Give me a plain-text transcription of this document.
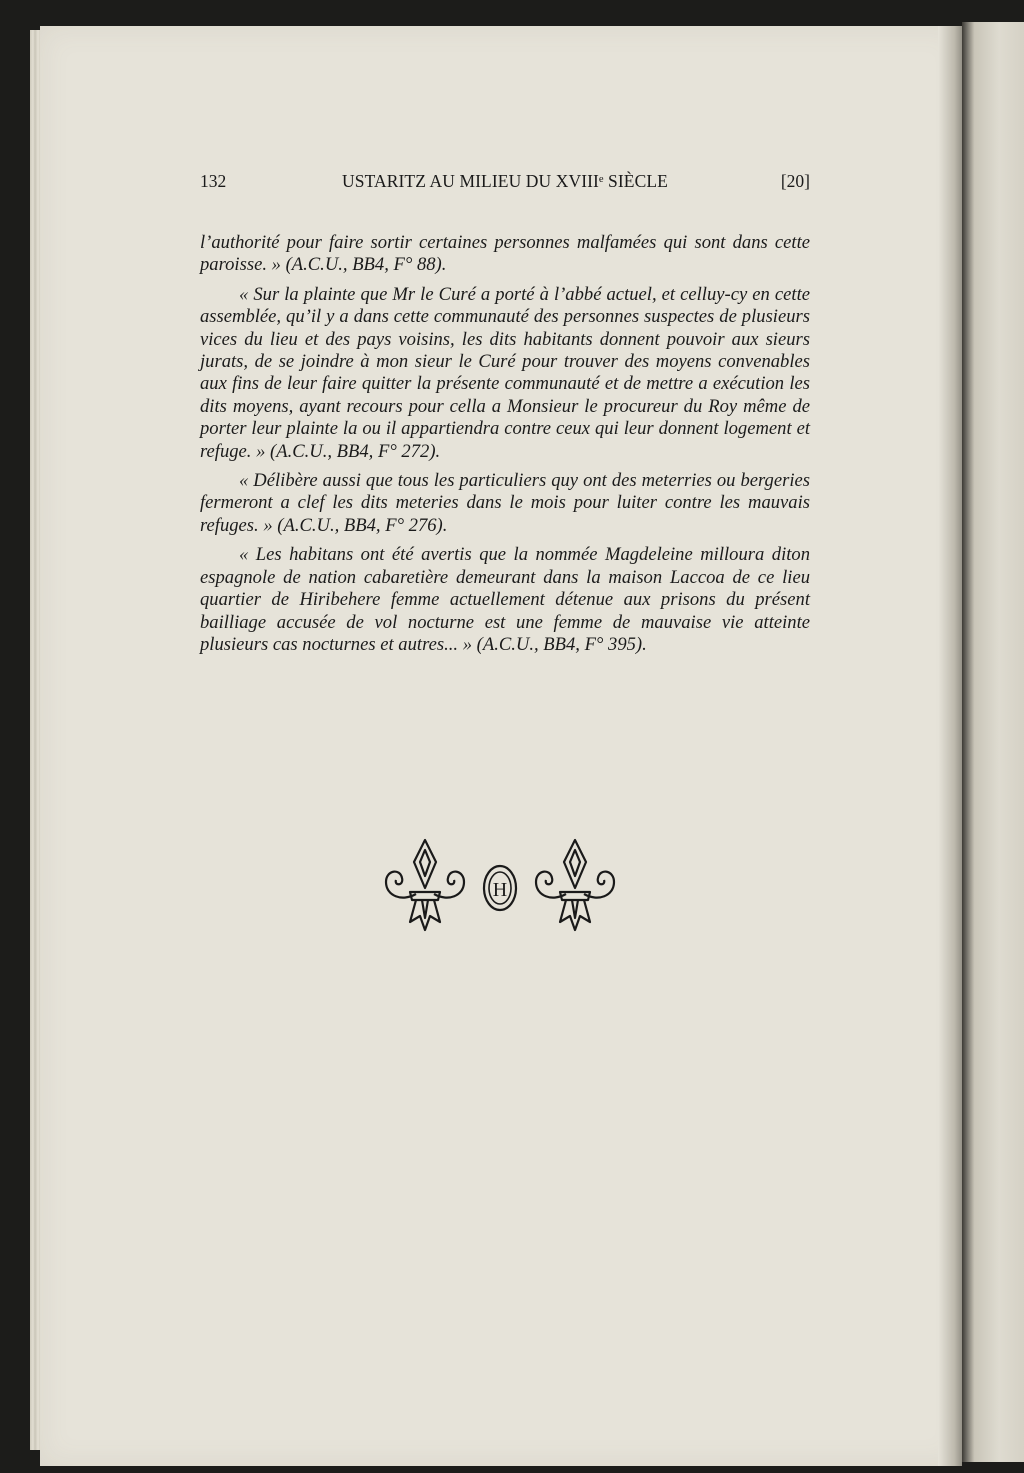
132	USTARITZ AU MILIEU DU XVIIIᵉ SIÈCLE	[20]

l’authorité pour faire sortir certaines personnes malfamées qui sont dans cette paroisse. » (A.C.U., BB4, F° 88).

« Sur la plainte que Mr le Curé a porté à l’abbé actuel, et celluy-cy en cette assemblée, qu’il y a dans cette communauté des personnes suspectes de plusieurs vices du lieu et des pays voisins, les dits habitants donnent pouvoir aux sieurs jurats, de se joindre à mon sieur le Curé pour trouver des moyens convenables aux fins de leur faire quitter la présente communauté et de mettre a exécution les dits moyens, ayant recours pour cella a Monsieur le procureur du Roy même de porter leur plainte la ou il appartiendra contre ceux qui leur donnent logement et refuge. » (A.C.U., BB4, F° 272).

« Délibère aussi que tous les particuliers quy ont des meterries ou bergeries fermeront a clef les dits meteries dans le mois pour luiter contre les mauvais refuges. » (A.C.U., BB4, F° 276).

« Les habitans ont été avertis que la nommée Magdeleine milloura diton espagnole de nation cabaretière demeurant dans la maison Laccoa de ce lieu quartier de Hiribehere femme actuellement détenue aux prisons du présent bailliage accusée de vol nocturne est une femme de mauvaise vie atteinte plusieurs cas nocturnes et autres... » (A.C.U., BB4, F° 395).

H
